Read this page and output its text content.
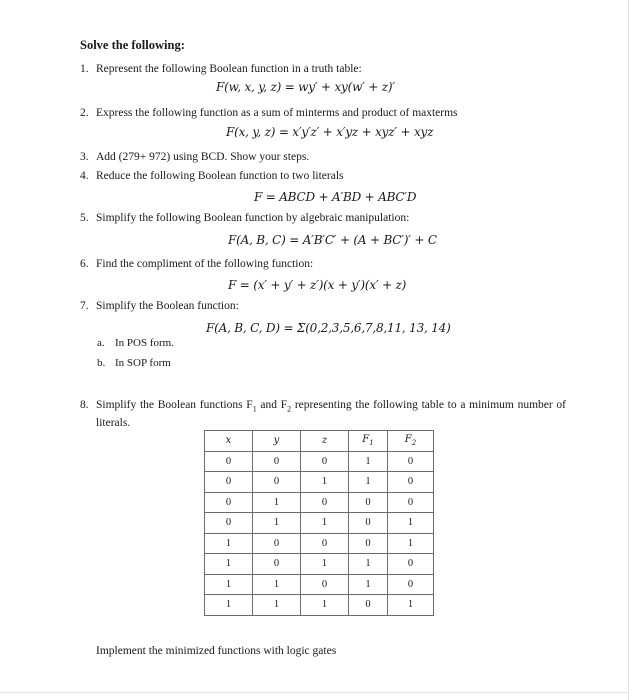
Solve the following:
1. Represent the following Boolean function in a truth table:
F(w, x, y, z) = wy′ + xy(w′ + z)′
2. Express the following function as a sum of minterms and product of maxterms
F(x, y, z) = x′y′z′ + x′yz + xyz′ + xyz
3. Add (279+ 972) using BCD. Show your steps.
4. Reduce the following Boolean function to two literals
F = ABCD + A′BD + ABC′D
5. Simplify the following Boolean function by algebraic manipulation:
F(A, B, C) = A′B′C′ + (A + BC′)′ + C
6. Find the compliment of the following function:
F = (x′ + y′ + z′)(x + y′)(x′ + z)
7. Simplify the Boolean function:
F(A, B, C, D) = Σ(0,2,3,5,6,7,8,11, 13, 14)
a. In POS form.
b. In SOP form
8. Simplify the Boolean functions $F_1$ and $F_2$ representing the following table to a minimum number of literals.
x	y	z	$F_1$	$F_2$
0	0	0	1	0
0	0	1	1	0
0	1	0	0	0
0	1	1	0	1
1	0	0	0	1
1	0	1	1	0
1	1	0	1	0
1	1	1	0	1
Implement the minimized functions with logic gates
